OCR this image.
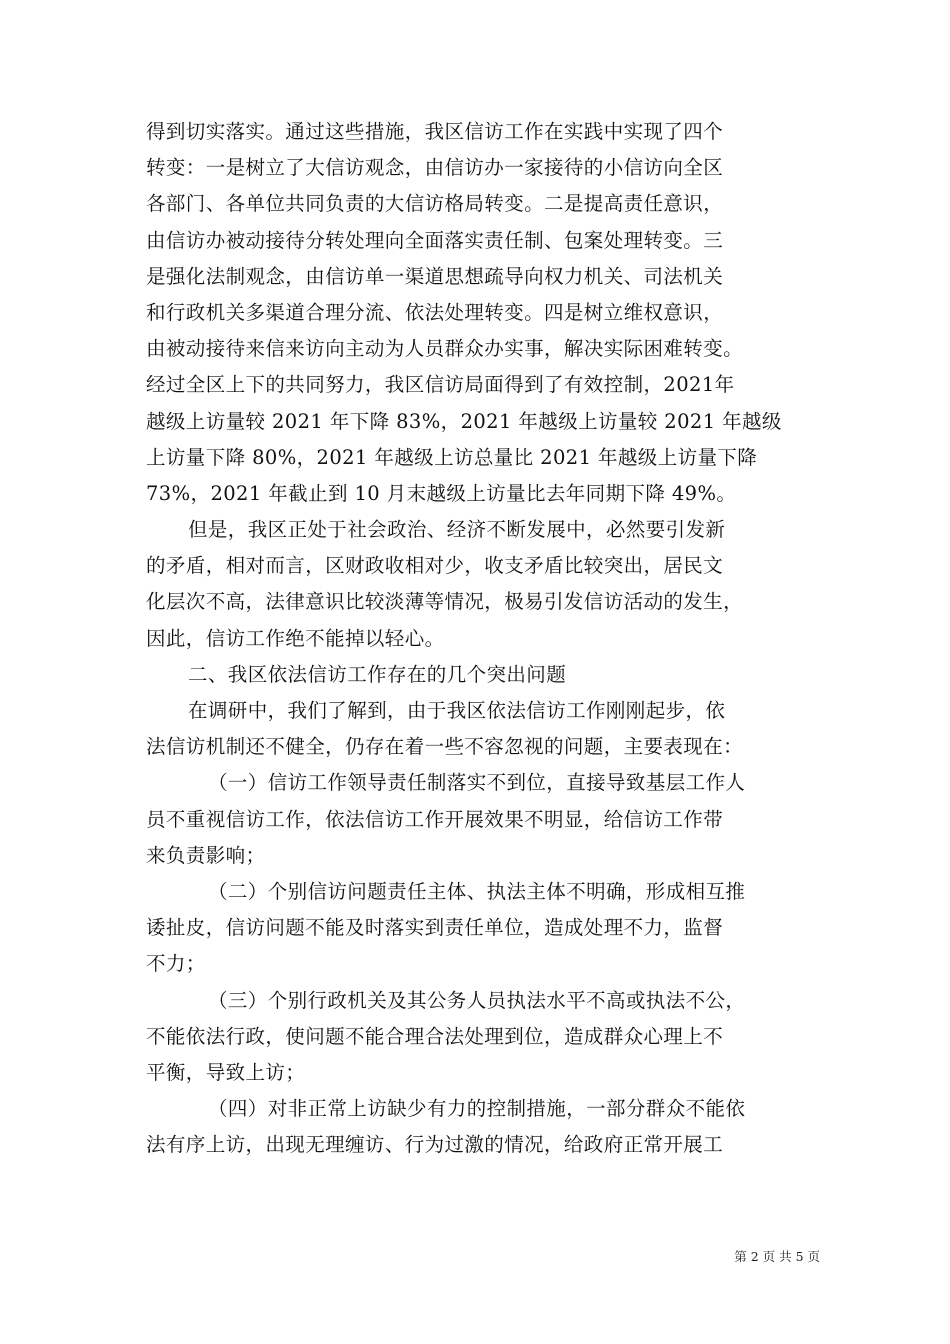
得到切实落实。通过这些措施，我区信访工作在实践中实现了四个
转变：一是树立了大信访观念，由信访办一家接待的小信访向全区
各部门、各单位共同负责的大信访格局转变。二是提高责任意识，
由信访办被动接待分转处理向全面落实责任制、包案处理转变。三
是强化法制观念，由信访单一渠道思想疏导向权力机关、司法机关
和行政机关多渠道合理分流、依法处理转变。四是树立维权意识，
由被动接待来信来访向主动为人员群众办实事，解决实际困难转变。
经过全区上下的共同努力，我区信访局面得到了有效控制，2021年
越级上访量较 2021 年下降 83%，2021 年越级上访量较 2021 年越级
上访量下降 80%，2021 年越级上访总量比 2021 年越级上访量下降
73%，2021 年截止到 10 月末越级上访量比去年同期下降 49%。
但是，我区正处于社会政治、经济不断发展中，必然要引发新
的矛盾，相对而言，区财政收相对少，收支矛盾比较突出，居民文
化层次不高，法律意识比较淡薄等情况，极易引发信访活动的发生，
因此，信访工作绝不能掉以轻心。
二、我区依法信访工作存在的几个突出问题
在调研中，我们了解到，由于我区依法信访工作刚刚起步，依
法信访机制还不健全，仍存在着一些不容忽视的问题，主要表现在：
（一）信访工作领导责任制落实不到位，直接导致基层工作人
员不重视信访工作，依法信访工作开展效果不明显，给信访工作带
来负责影响；
（二）个别信访问题责任主体、执法主体不明确，形成相互推
诿扯皮，信访问题不能及时落实到责任单位，造成处理不力，监督
不力；
（三）个别行政机关及其公务人员执法水平不高或执法不公，
不能依法行政，使问题不能合理合法处理到位，造成群众心理上不
平衡，导致上访；
（四）对非正常上访缺少有力的控制措施，一部分群众不能依
法有序上访，出现无理缠访、行为过激的情况，给政府正常开展工
第 2 页 共 5 页
